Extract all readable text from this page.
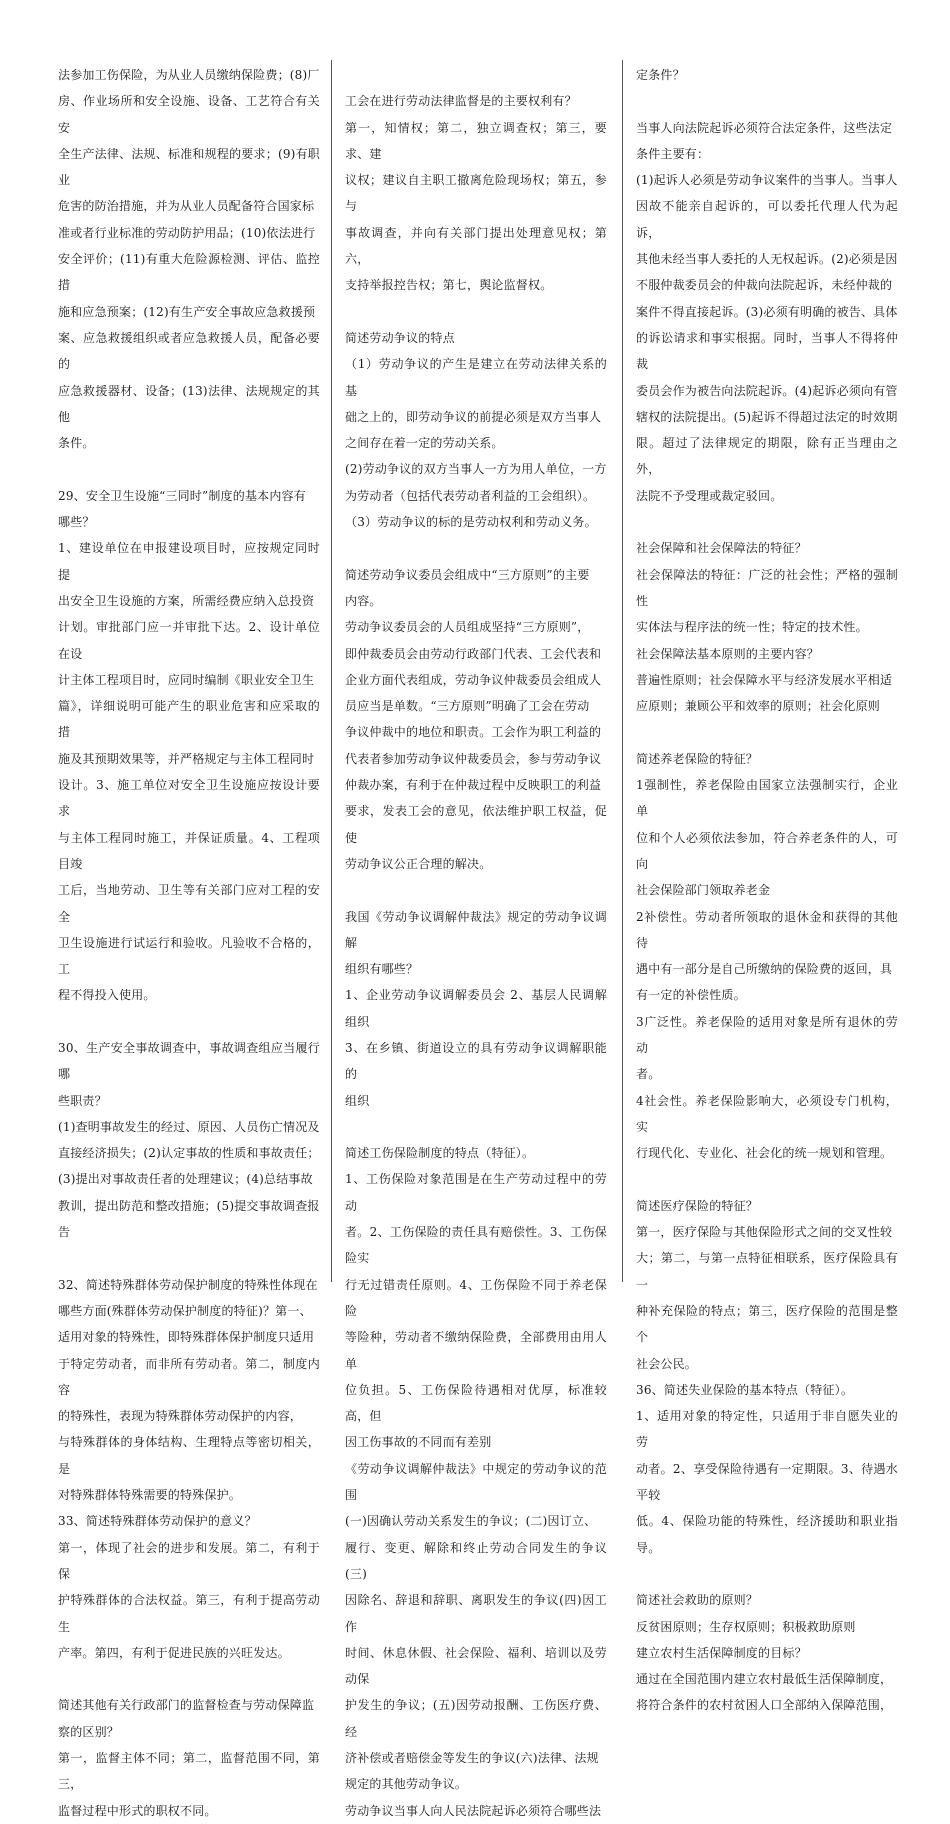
法参加工伤保险，为从业人员缴纳保险费；(8)厂

房、作业场所和安全设施、设备、工艺符合有关安

全生产法律、法规、标准和规程的要求；(9)有职业

危害的防治措施，并为从业人员配备符合国家标

准或者行业标准的劳动防护用品；(10)依法进行

安全评价；(11)有重大危险源检测、评估、监控措

施和应急预案；(12)有生产安全事故应急救援预

案、应急救援组织或者应急救援人员，配备必要的

应急救援器材、设备；(13)法律、法规规定的其他

条件。

29、安全卫生设施“三同时”制度的基本内容有

哪些？

1、建设单位在申报建设项目时，应按规定同时提

出安全卫生设施的方案，所需经费应纳入总投资

计划。审批部门应一并审批下达。2、设计单位在设

计主体工程项目时，应同时编制《职业安全卫生

篇》，详细说明可能产生的职业危害和应采取的措

施及其预期效果等，并严格规定与主体工程同时

设计。3、施工单位对安全卫生设施应按设计要求

与主体工程同时施工，并保证质量。4、工程项目竣

工后，当地劳动、卫生等有关部门应对工程的安全

卫生设施进行试运行和验收。凡验收不合格的，工

程不得投入使用。

30、生产安全事故调查中，事故调查组应当履行哪

些职责？

(1)查明事故发生的经过、原因、人员伤亡情况及

直接经济损失；(2)认定事故的性质和事故责任；

(3)提出对事故责任者的处理建议；(4)总结事故

教训，提出防范和整改措施；(5)提交事故调查报

告

32、简述特殊群体劳动保护制度的特殊性体现在

哪些方面(殊群体劳动保护制度的特征)？第一、

适用对象的特殊性，即特殊群体保护制度只适用

于特定劳动者，而非所有劳动者。第二，制度内容

的特殊性，表现为特殊群体劳动保护的内容，

与特殊群体的身体结构、生理特点等密切相关，是

对特殊群体特殊需要的特殊保护。

33、简述特殊群体劳动保护的意义？

第一，体现了社会的进步和发展。第二，有利于保

护特殊群体的合法权益。第三，有利于提高劳动生

产率。第四，有利于促进民族的兴旺发达。

简述其他有关行政部门的监督检查与劳动保障监

察的区别？

第一，监督主体不同；第二，监督范围不同，第三，

监督过程中形式的职权不同。

工会在进行劳动法律监督是的主要权利有？

第一，知情权；第二，独立调查权；第三，要求、建

议权；建议自主职工撤离危险现场权；第五，参与

事故调查，并向有关部门提出处理意见权；第六，

支持举报控告权；第七，舆论监督权。

简述劳动争议的特点

（1）劳动争议的产生是建立在劳动法律关系的基

础之上的，即劳动争议的前提必须是双方当事人

之间存在着一定的劳动关系。

(2)劳动争议的双方当事人一方为用人单位，一方

为劳动者（包括代表劳动者利益的工会组织）。

（3）劳动争议的标的是劳动权利和劳动义务。

简述劳动争议委员会组成中“三方原则”的主要

内容。

劳动争议委员会的人员组成坚持“三方原则”，

即仲裁委员会由劳动行政部门代表、工会代表和

企业方面代表组成，劳动争议仲裁委员会组成人

员应当是单数。“三方原则”明确了工会在劳动

争议仲裁中的地位和职责。工会作为职工利益的

代表者参加劳动争议仲裁委员会，参与劳动争议

仲裁办案，有利于在仲裁过程中反映职工的利益

要求，发表工会的意见，依法维护职工权益，促使

劳动争议公正合理的解决。

我国《劳动争议调解仲裁法》规定的劳动争议调解

组织有哪些？

1、企业劳动争议调解委员会 2、基层人民调解组织

3、在乡镇、街道设立的具有劳动争议调解职能的

组织

简述工伤保险制度的特点（特征）。

1、工伤保险对象范围是在生产劳动过程中的劳动

者。2、工伤保险的责任具有赔偿性。3、工伤保险实

行无过错责任原则。4、工伤保险不同于养老保险

等险种，劳动者不缴纳保险费，全部费用由用人单

位负担。5、工伤保险待遇相对优厚，标准较高，但

因工伤事故的不同而有差别

《劳动争议调解仲裁法》中规定的劳动争议的范围

(一)因确认劳动关系发生的争议；(二)因订立、

履行、变更、解除和终止劳动合同发生的争议(三)

因除名、辞退和辞职、离职发生的争议(四)因工作

时间、休息休假、社会保险、福利、培训以及劳动保

护发生的争议；(五)因劳动报酬、工伤医疗费、经

济补偿或者赔偿金等发生的争议(六)法律、法规

规定的其他劳动争议。

劳动争议当事人向人民法院起诉必须符合哪些法

定条件？

当事人向法院起诉必须符合法定条件，这些法定

条件主要有：

(1)起诉人必须是劳动争议案件的当事人。当事人

因故不能亲自起诉的，可以委托代理人代为起诉，

其他未经当事人委托的人无权起诉。(2)必须是因

不服仲裁委员会的仲裁向法院起诉，未经仲裁的

案件不得直接起诉。(3)必须有明确的被告、具体

的诉讼请求和事实根据。同时，当事人不得将仲裁

委员会作为被告向法院起诉。(4)起诉必须向有管

辖权的法院提出。(5)起诉不得超过法定的时效期

限。超过了法律规定的期限，除有正当理由之外，

法院不予受理或裁定驳回。

社会保障和社会保障法的特征？

社会保障法的特征：广泛的社会性；严格的强制性

实体法与程序法的统一性；特定的技术性。

社会保障法基本原则的主要内容？

普遍性原则；社会保障水平与经济发展水平相适

应原则；兼顾公平和效率的原则；社会化原则

简述养老保险的特征？

1强制性，养老保险由国家立法强制实行，企业单

位和个人必须依法参加，符合养老条件的人，可向

社会保险部门领取养老金

2补偿性。劳动者所领取的退休金和获得的其他待

遇中有一部分是自己所缴纳的保险费的返回，具

有一定的补偿性质。

3广泛性。养老保险的适用对象是所有退休的劳动

者。

4社会性。养老保险影响大，必须设专门机构，实

行现代化、专业化、社会化的统一规划和管理。

简述医疗保险的特征？

第一，医疗保险与其他保险形式之间的交叉性较

大；第二，与第一点特征相联系，医疗保险具有一

种补充保险的特点；第三，医疗保险的范围是整个

社会公民。

36、简述失业保险的基本特点（特征）。

1、适用对象的特定性，只适用于非自愿失业的劳

动者。2、享受保险待遇有一定期限。3、待遇水平较

低。4、保险功能的特殊性，经济援助和职业指导。

简述社会救助的原则？

反贫困原则；生存权原则；积极救助原则

建立农村生活保障制度的目标？

通过在全国范围内建立农村最低生活保障制度，

将符合条件的农村贫困人口全部纳入保障范围，
